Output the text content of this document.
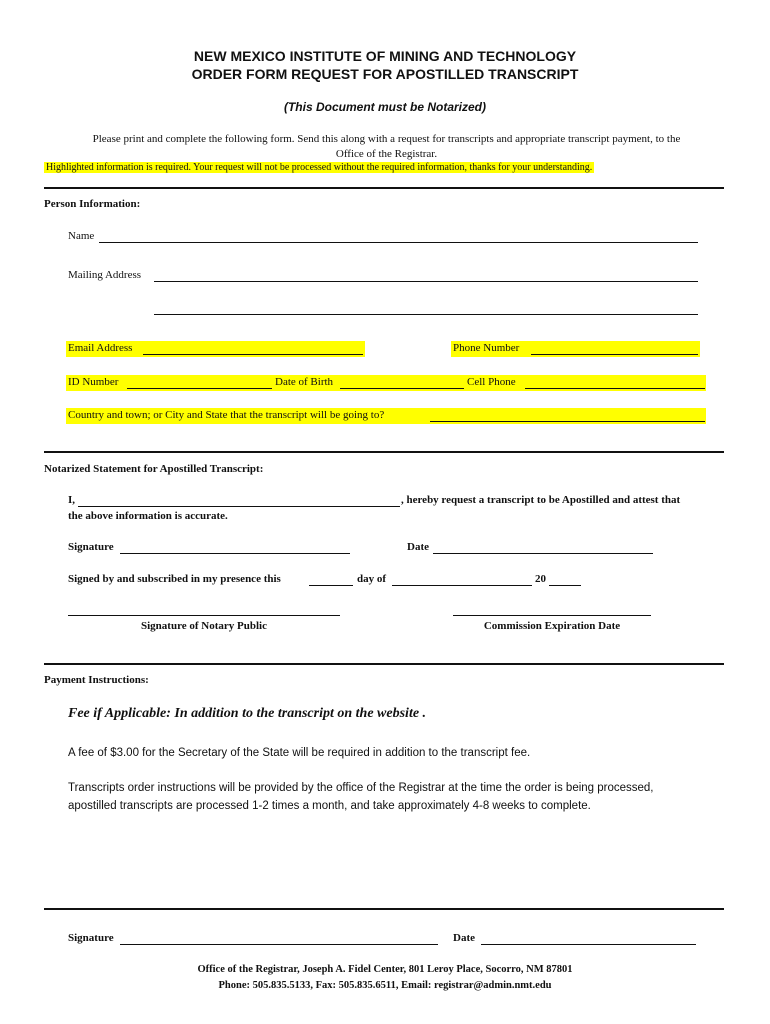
NEW MEXICO INSTITUTE OF MINING AND TECHNOLOGY
ORDER FORM REQUEST FOR APOSTILLED TRANSCRIPT
(This Document must be Notarized)
Please print and complete the following form. Send this along with a request for transcripts and appropriate transcript payment, to the
Office of the Registrar.
Highlighted information is required. Your request will not be processed without the required information, thanks for your understanding.
Person Information:
Name
Mailing Address
Email Address	Phone Number
ID Number	Date of Birth	Cell Phone
Country and town; or City and State that the transcript will be going to?
Notarized Statement for Apostilled Transcript:
I,	, hereby request a transcript to be Apostilled and attest that
the above information is accurate.
Signature	Date
Signed by and subscribed in my presence this	day of	20
Signature of Notary Public	Commission Expiration Date
Payment Instructions:
Fee if Applicable: In addition to the transcript on the website .
A fee of $3.00 for the Secretary of the State will be required in addition to the transcript fee.
Transcripts order instructions will be provided by the office of the Registrar at the time the order is being processed,
apostilled transcripts are processed 1-2 times a month, and take approximately 4-8 weeks to complete.
Signature	Date
Office of the Registrar, Joseph A. Fidel Center, 801 Leroy Place, Socorro, NM 87801
Phone: 505.835.5133, Fax: 505.835.6511, Email: registrar@admin.nmt.edu
